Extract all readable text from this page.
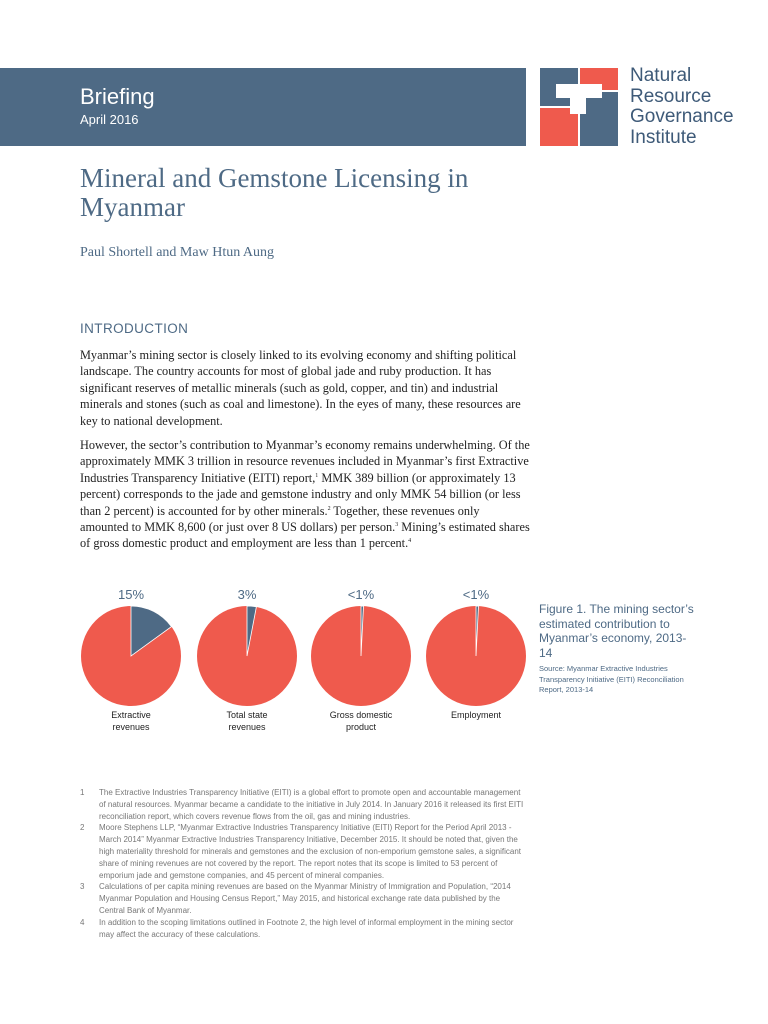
Briefing
April 2016
Natural
Resource
Governance
Institute
Mineral and Gemstone Licensing in Myanmar
Paul Shortell and Maw Htun Aung
INTRODUCTION

Myanmar’s mining sector is closely linked to its evolving economy and shifting political landscape. The country accounts for most of global jade and ruby production. It has significant reserves of metallic minerals (such as gold, copper, and tin) and industrial minerals and stones (such as coal and limestone). In the eyes of many, these resources are key to national development.

However, the sector’s contribution to Myanmar’s economy remains underwhelming. Of the approximately MMK 3 trillion in resource revenues included in Myanmar’s first Extractive Industries Transparency Initiative (EITI) report,$^1$ MMK 389 billion (or approximately 13 percent) corresponds to the jade and gemstone industry and only MMK 54 billion (or less than 2 percent) is accounted for by other minerals.$^2$ Together, these revenues only amounted to MMK 8,600 (or just over 8 US dollars) per person.$^3$ Mining’s estimated shares of gross domestic product and employment are less than 1 percent.$^4$

15%
Extractive revenues
3%
Total state revenues
<1%
Gross domestic product
<1%
Employment
Figure 1. The mining sector’s estimated contribution to Myanmar’s economy, 2013-14
Source: Myanmar Extractive Industries Transparency Initiative (EITI) Reconciliation Report, 2013-14
1	The Extractive Industries Transparency Initiative (EITI) is a global effort to promote open and accountable management of natural resources. Myanmar became a candidate to the initiative in July 2014. In January 2016 it released its first EITI reconciliation report, which covers revenue flows from the oil, gas and mining industries.
2	Moore Stephens LLP, “Myanmar Extractive Industries Transparency Initiative (EITI) Report for the Period April 2013 - March 2014” Myanmar Extractive Industries Transparency Initiative, December 2015. It should be noted that, given the high materiality threshold for minerals and gemstones and the exclusion of non-emporium gemstone sales, a significant share of mining revenues are not covered by the report. The report notes that its scope is limited to 53 percent of emporium jade and gemstone companies, and 45 percent of mineral companies.
3	Calculations of per capita mining revenues are based on the Myanmar Ministry of Immigration and Population, “2014 Myanmar Population and Housing Census Report,” May 2015, and historical exchange rate data published by the Central Bank of Myanmar.
4	In addition to the scoping limitations outlined in Footnote 2, the high level of informal employment in the mining sector may affect the accuracy of these calculations.
